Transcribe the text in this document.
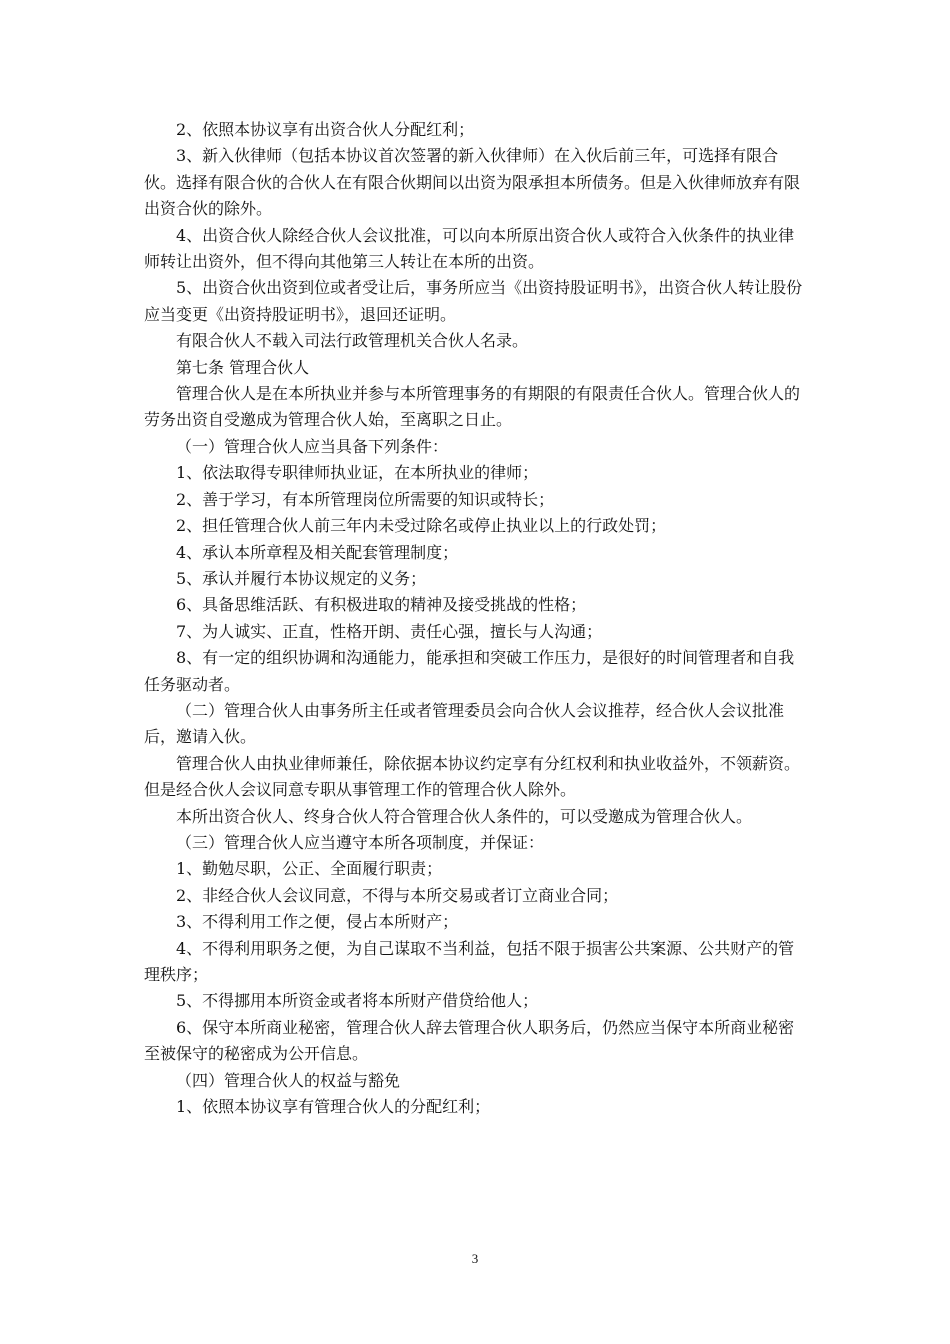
2、依照本协议享有出资合伙人分配红利；

3、新入伙律师（包括本协议首次签署的新入伙律师）在入伙后前三年，可选择有限合伙。选择有限合伙的合伙人在有限合伙期间以出资为限承担本所债务。但是入伙律师放弃有限出资合伙的除外。

4、出资合伙人除经合伙人会议批准，可以向本所原出资合伙人或符合入伙条件的执业律师转让出资外，但不得向其他第三人转让在本所的出资。

5、出资合伙出资到位或者受让后，事务所应当《出资持股证明书》，出资合伙人转让股份应当变更《出资持股证明书》，退回还证明。

有限合伙人不载入司法行政管理机关合伙人名录。

第七条 管理合伙人

管理合伙人是在本所执业并参与本所管理事务的有期限的有限责任合伙人。管理合伙人的劳务出资自受邀成为管理合伙人始，至离职之日止。

（一）管理合伙人应当具备下列条件：

1、依法取得专职律师执业证，在本所执业的律师；

2、善于学习，有本所管理岗位所需要的知识或特长；

2、担任管理合伙人前三年内未受过除名或停止执业以上的行政处罚；

4、承认本所章程及相关配套管理制度；

5、承认并履行本协议规定的义务；

6、具备思维活跃、有积极进取的精神及接受挑战的性格；

7、为人诚实、正直，性格开朗、责任心强，擅长与人沟通；

8、有一定的组织协调和沟通能力，能承担和突破工作压力，是很好的时间管理者和自我任务驱动者。

（二）管理合伙人由事务所主任或者管理委员会向合伙人会议推荐，经合伙人会议批准后，邀请入伙。

管理合伙人由执业律师兼任，除依据本协议约定享有分红权利和执业收益外，不领薪资。但是经合伙人会议同意专职从事管理工作的管理合伙人除外。

本所出资合伙人、终身合伙人符合管理合伙人条件的，可以受邀成为管理合伙人。

（三）管理合伙人应当遵守本所各项制度，并保证：

1、勤勉尽职，公正、全面履行职责；

2、非经合伙人会议同意，不得与本所交易或者订立商业合同；

3、不得利用工作之便，侵占本所财产；

4、不得利用职务之便，为自己谋取不当利益，包括不限于损害公共案源、公共财产的管理秩序；

5、不得挪用本所资金或者将本所财产借贷给他人；

6、保守本所商业秘密，管理合伙人辞去管理合伙人职务后，仍然应当保守本所商业秘密至被保守的秘密成为公开信息。

（四）管理合伙人的权益与豁免

1、依照本协议享有管理合伙人的分配红利；

3
